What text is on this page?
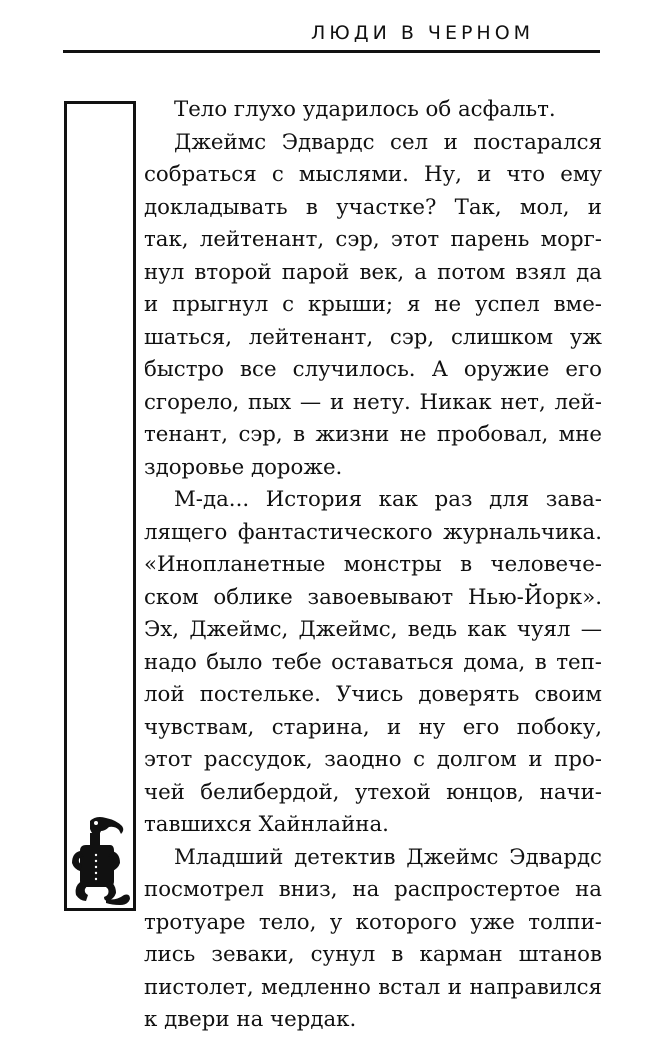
ЛЮДИ В ЧЕРНОМ
Тело глухо ударилось об асфальт.
Джеймс Эдвардс сел и постарался
собраться с мыслями. Ну, и что ему
докладывать в участке? Так, мол, и
так, лейтенант, сэр, этот парень морг-
нул второй парой век, а потом взял да
и прыгнул с крыши; я не успел вме-
шаться, лейтенант, сэр, слишком уж
быстро все случилось. А оружие его
сгорело, пых — и нету. Никак нет, лей-
тенант, сэр, в жизни не пробовал, мне
здоровье дороже.
М-да... История как раз для зава-
лящего фантастического журнальчика.
«Инопланетные монстры в человече-
ском облике завоевывают Нью-Йорк».
Эх, Джеймс, Джеймс, ведь как чуял —
надо было тебе оставаться дома, в теп-
лой постельке. Учись доверять своим
чувствам, старина, и ну его побоку,
этот рассудок, заодно с долгом и про-
чей белибердой, утехой юнцов, начи-
тавшихся Хайнлайна.
Младший детектив Джеймс Эдвардс
посмотрел вниз, на распростертое на
тротуаре тело, у которого уже толпи-
лись зеваки, сунул в карман штанов
пистолет, медленно встал и направился
к двери на чердак.
